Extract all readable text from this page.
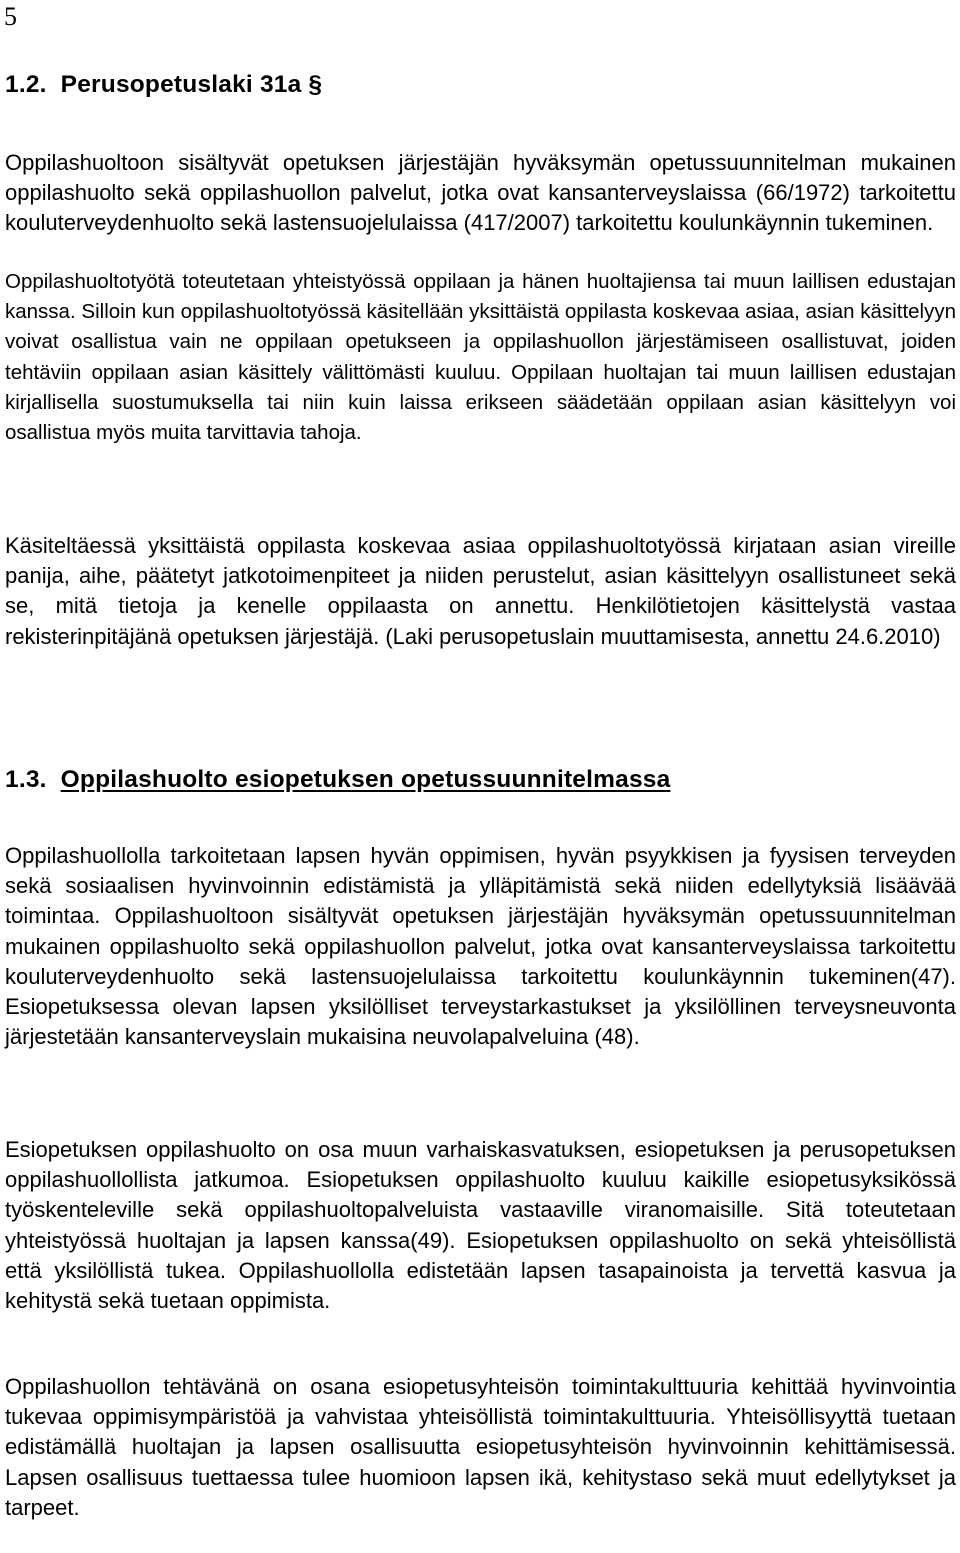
5
1.2. Perusopetuslaki 31a §

Oppilashuoltoon sisältyvät opetuksen järjestäjän hyväksymän opetussuunnitelman mukainen oppilashuolto sekä oppilashuollon palvelut, jotka ovat kansanterveyslaissa (66/1972) tarkoitettu kouluterveydenhuolto sekä lastensuojelulaissa (417/2007) tarkoitettu koulunkäynnin tukeminen.

Oppilashuoltotyötä toteutetaan yhteistyössä oppilaan ja hänen huoltajiensa tai muun laillisen edustajan kanssa. Silloin kun oppilashuoltotyössä käsitellään yksittäistä oppilasta koskevaa asiaa, asian käsittelyyn voivat osallistua vain ne oppilaan opetukseen ja oppilashuollon järjestämiseen osallistuvat, joiden tehtäviin oppilaan asian käsittely välittömästi kuuluu. Oppilaan huoltajan tai muun laillisen edustajan kirjallisella suostumuksella tai niin kuin laissa erikseen säädetään oppilaan asian käsittelyyn voi osallistua myös muita tarvittavia tahoja.

Käsiteltäessä yksittäistä oppilasta koskevaa asiaa oppilashuoltotyössä kirjataan asian vireille panija, aihe, päätetyt jatkotoimenpiteet ja niiden perustelut, asian käsittelyyn osallistuneet sekä se, mitä tietoja ja kenelle oppilaasta on annettu. Henkilötietojen käsittelystä vastaa rekisterinpitäjänä opetuksen järjestäjä. (Laki perusopetuslain muuttamisesta, annettu 24.6.2010)

1.3. Oppilashuolto esiopetuksen opetussuunnitelmassa

Oppilashuollolla tarkoitetaan lapsen hyvän oppimisen, hyvän psyykkisen ja fyysisen terveyden sekä sosiaalisen hyvinvoinnin edistämistä ja ylläpitämistä sekä niiden edellytyksiä lisäävää toimintaa. Oppilashuoltoon sisältyvät opetuksen järjestäjän hyväksymän opetussuunnitelman mukainen oppilashuolto sekä oppilashuollon palvelut, jotka ovat kansanterveyslaissa tarkoitettu kouluterveydenhuolto sekä lastensuojelulaissa tarkoitettu koulunkäynnin tukeminen(47). Esiopetuksessa olevan lapsen yksilölliset terveystarkastukset ja yksilöllinen terveysneuvonta järjestetään kansanterveyslain mukaisina neuvolapalveluina (48).

Esiopetuksen oppilashuolto on osa muun varhaiskasvatuksen, esiopetuksen ja perusopetuksen oppilashuollollista jatkumoa. Esiopetuksen oppilashuolto kuuluu kaikille esiopetusyksikössä työskenteleville sekä oppilashuoltopalveluista vastaaville viranomaisille. Sitä toteutetaan yhteistyössä huoltajan ja lapsen kanssa(49). Esiopetuksen oppilashuolto on sekä yhteisöllistä että yksilöllistä tukea. Oppilashuollolla edistetään lapsen tasapainoista ja tervettä kasvua ja kehitystä sekä tuetaan oppimista.

Oppilashuollon tehtävänä on osana esiopetusyhteisön toimintakulttuuria kehittää hyvinvointia tukevaa oppimisympäristöä ja vahvistaa yhteisöllistä toimintakulttuuria. Yhteisöllisyyttä tuetaan edistämällä huoltajan ja lapsen osallisuutta esiopetusyhteisön hyvinvoinnin kehittämisessä. Lapsen osallisuus tuettaessa tulee huomioon lapsen ikä, kehitystaso sekä muut edellytykset ja tarpeet.
